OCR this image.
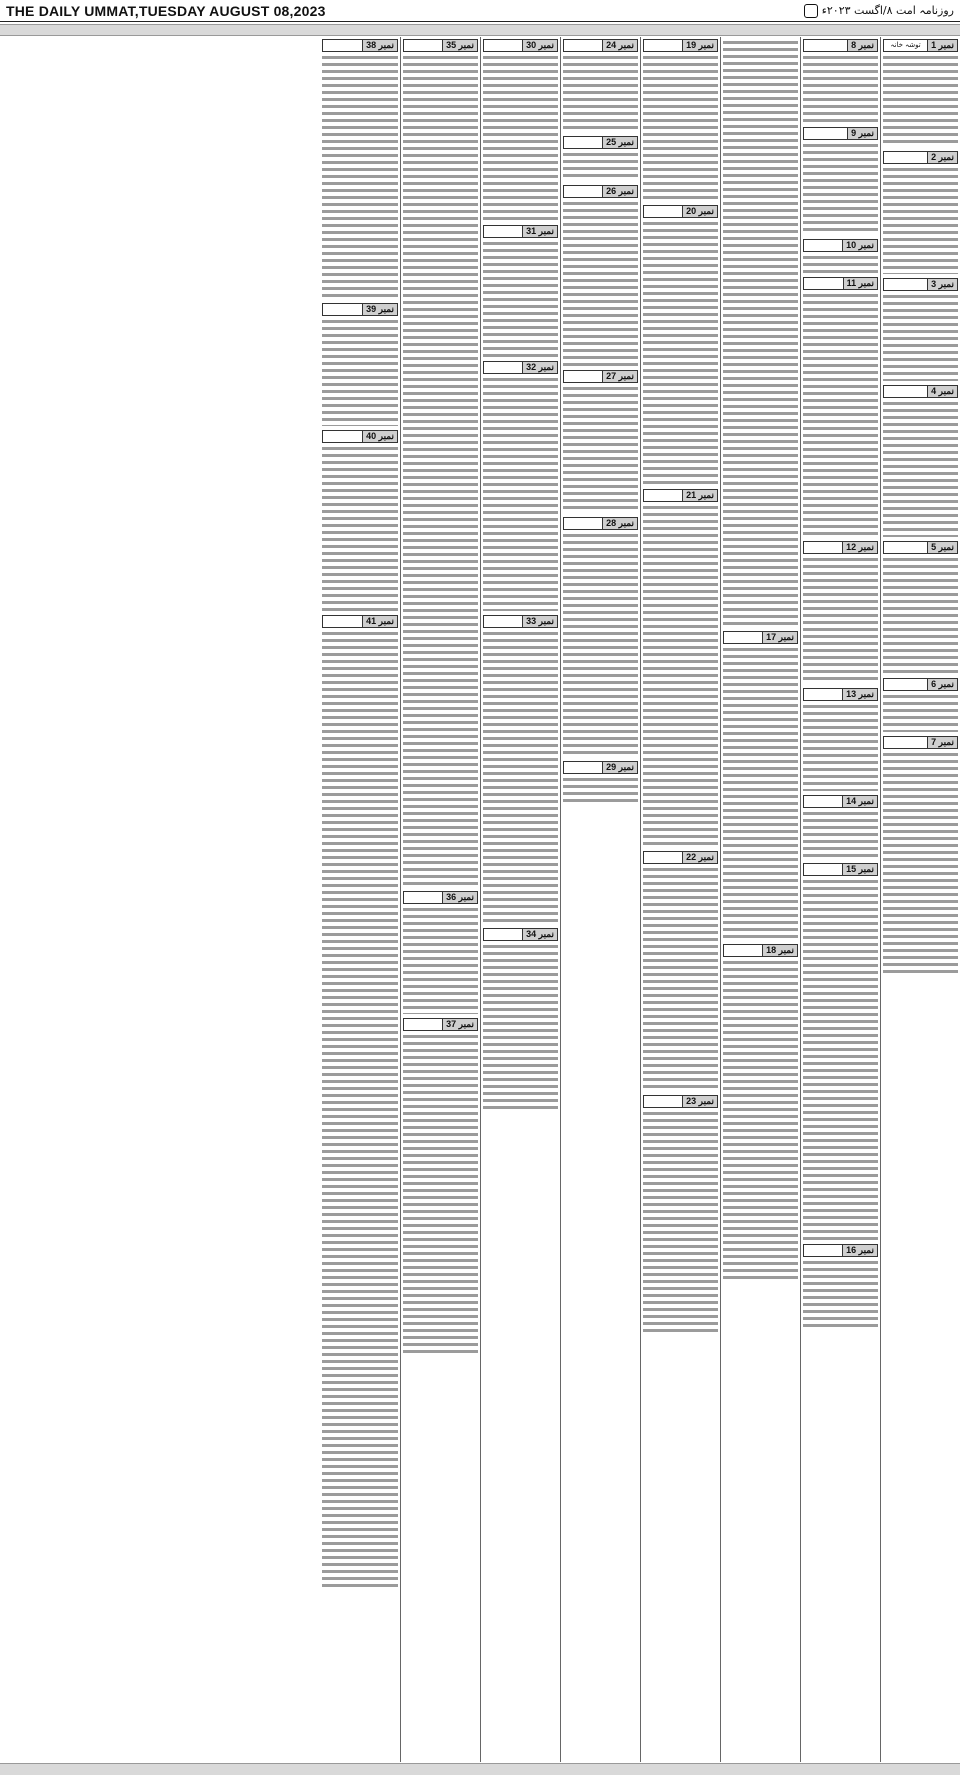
THE DAILY UMMAT,TUESDAY AUGUST 08,2023	روزنامہ امت ۸/اگست ۲۰۲۳ء
نمبر 1
توشہ خانہ
نمبر 2
نمبر 3
نمبر 4
نمبر 5
نمبر 6
نمبر 7
نمبر 8
نمبر 9
نمبر 10
نمبر 11
نمبر 12
نمبر 13
نمبر 14
نمبر 15
نمبر 16
نمبر 17
نمبر 18
نمبر 19
نمبر 20
نمبر 21
نمبر 22
نمبر 23
نمبر 24
نمبر 25
نمبر 26
نمبر 27
نمبر 28
نمبر 29
نمبر 30
نمبر 31
نمبر 32
نمبر 33
نمبر 34
نمبر 35
نمبر 36
نمبر 37
نمبر 38
نمبر 39
نمبر 40
نمبر 41
